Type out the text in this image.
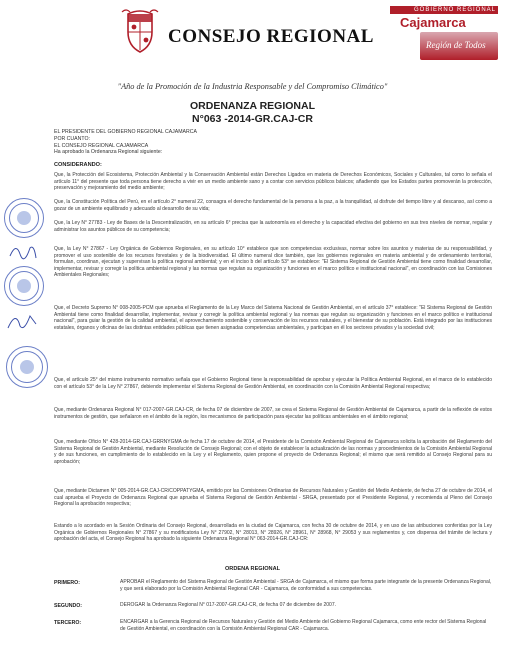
CONSEJO REGIONAL
GOBIERNO REGIONAL
Cajamarca
Región de Todos
"Año de la Promoción de la Industria Responsable y del Compromiso Climático"
ORDENANZA REGIONAL
N°063 -2014-GR.CAJ-CR
EL PRESIDENTE DEL GOBIERNO REGIONAL CAJAMARCA
POR CUANTO:
EL CONSEJO REGIONAL CAJAMARCA
Ha aprobado la Ordenanza Regional siguiente:
CONSIDERANDO:

Que, la Protección del Ecosistema, Protección Ambiental y la Conservación Ambiental están Derechos Ligados en materia de Derechos Económicos, Sociales y Culturales, tal como lo señala el artículo 11° del presente que toda persona tiene derecho a vivir en un medio ambiente sano y a contar con servicios públicos básicos; añadiendo que los Estados partes promoverán la protección, preservación y mejoramiento del medio ambiente;

Que, la Constitución Política del Perú, en el artículo 2° numeral 22, consagra el derecho fundamental de la persona a la paz, a la tranquilidad, al disfrute del tiempo libre y al descanso, así como a gozar de un ambiente equilibrado y adecuado al desarrollo de su vida;

Que, la Ley N° 27783 - Ley de Bases de la Descentralización, en su artículo 6° precisa que la autonomía es el derecho y la capacidad efectiva del gobierno en sus tres niveles de normar, regular y administrar los asuntos públicos de su competencia;

Que, la Ley N° 27867 - Ley Orgánica de Gobiernos Regionales, en su artículo 10° establece que son competencias exclusivas, normar sobre los asuntos y materias de su responsabilidad, y promover el uso sostenible de los recursos forestales y de la biodiversidad. El último numeral dice también, que los gobiernos regionales en materia ambiental y de ordenamiento territorial, formulan, coordinan, ejecutan y supervisan la política regional ambiental; y en el inciso b del artículo 53° se establece: "El Sistema Regional de Gestión Ambiental tiene como finalidad desarrollar, implementar, revisar y corregir la política ambiental regional y las normas que regulan su organización y funciones en el marco político e institucional nacional", en coordinación con las Comisiones Ambientales Regionales;

Que, el Decreto Supremo N° 008-2005-PCM que aprueba el Reglamento de la Ley Marco del Sistema Nacional de Gestión Ambiental, en el artículo 37° establece: "El Sistema Regional de Gestión Ambiental tiene como finalidad desarrollar, implementar, revisar y corregir la política ambiental regional y las normas que regulan su organización y funciones en el marco político e institucional nacional", para guiar la gestión de la calidad ambiental, el aprovechamiento sostenible y conservación de los recursos naturales, y el bienestar de su población. Está integrado por las instituciones estatales, órganos y oficinas de las distintas entidades públicas que tienen asignadas competencias ambientales, y participan en él los sectores privados y la sociedad civil;

Que, el artículo 25° del mismo instrumento normativo señala que el Gobierno Regional tiene la responsabilidad de aprobar y ejecutar la Política Ambiental Regional, en el marco de lo establecido con el artículo 53° de la Ley N° 27867, debiendo implementar el Sistema Regional de Gestión Ambiental, en coordinación con la Comisión Ambiental Regional respectiva;

Que, mediante Ordenanza Regional N° 017-2007-GR.CAJ-CR, de fecha 07 de diciembre de 2007, se crea el Sistema Regional de Gestión Ambiental de Cajamarca, a partir de la reflexión de estos instrumentos de gestión, que señalaron en el ámbito de la región, los mecanismos de participación para ejecutar las políticas ambientales en el ámbito regional;

Que, mediante Oficio N° 428-2014-GR.CAJ-GRRNYGMA de fecha 17 de octubre de 2014, el Presidente de la Comisión Ambiental Regional de Cajamarca solicita la aprobación del Reglamento del Sistema Regional de Gestión Ambiental, mediante Resolución de Consejo Regional; con el objeto de establecer la actualización de las normas y procedimientos de la Comisión Ambiental Regional y de sus funciones, en cumplimiento de lo establecido en la Ley y el Reglamento, quien propone el proyecto de Ordenanza Regional; el mismo que será remitido al Consejo Regional para su aprobación;

Que, mediante Dictamen N° 005-2014-GR.CAJ-CR/COPPATYGMA, emitido por las Comisiones Ordinarias de Recursos Naturales y Gestión del Medio Ambiente, de fecha 27 de octubre de 2014, el cual aprueba el Proyecto de Ordenanza Regional que aprueba el Sistema Regional de Gestión Ambiental - SRGA, presentado por el Presidente Regional, y recomienda al Pleno del Consejo Regional la aprobación respectiva;

Estando a lo acordado en la Sesión Ordinaria del Consejo Regional, desarrollada en la ciudad de Cajamarca, con fecha 30 de octubre de 2014, y en uso de las atribuciones conferidas por la Ley Orgánica de Gobiernos Regionales N° 27867 y su modificatoria Ley N° 27902, N° 28013, N° 28926, N° 28961, N° 28968, N° 29053 y sus reglamentos y, con dispensa del trámite de lectura y aprobación del acta, el Consejo Regional ha aprobado la siguiente Ordenanza Regional N° 063-2014-GR.CAJ-CR:

ORDENA REGIONAL
PRIMERO:	APROBAR el Reglamento del Sistema Regional de Gestión Ambiental - SRGA de Cajamarca, el mismo que forma parte integrante de la presente Ordenanza Regional, y que será elaborado por la Comisión Ambiental Regional CAR - Cajamarca, de conformidad a sus competencias.

SEGUNDO:	DEROGAR la Ordenanza Regional N° 017-2007-GR.CAJ-CR, de fecha 07 de diciembre de 2007.

TERCERO:	ENCARGAR a la Gerencia Regional de Recursos Naturales y Gestión del Medio Ambiente del Gobierno Regional Cajamarca, como ente rector del Sistema Regional de Gestión Ambiental, en coordinación con la Comisión Ambiental Regional CAR - Cajamarca.
